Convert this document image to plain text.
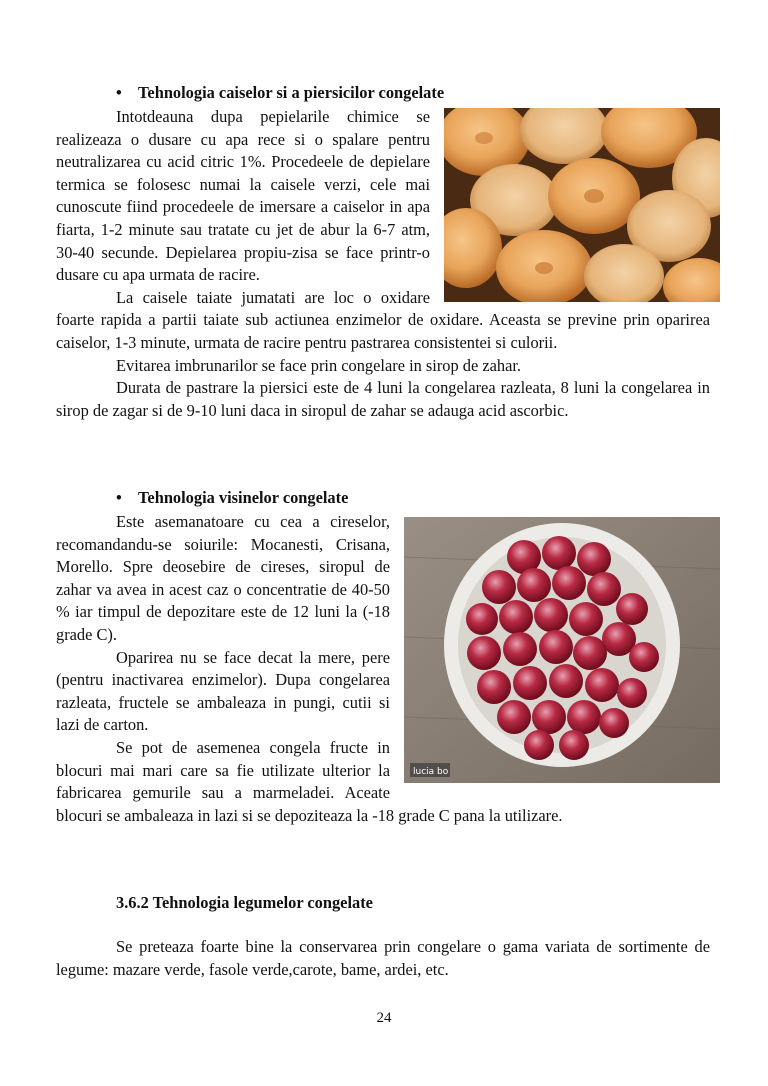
• Tehnologia caiselor si a piersicilor congelate

Intotdeauna dupa pepielarile chimice se realizeaza o dusare cu apa rece si o spalare pentru neutralizarea cu acid citric 1%. Procedeele de depielare termica se folosesc numai la caisele verzi, cele mai cunoscute fiind procedeele de imersare a caiselor in apa fiarta, 1-2 minute sau tratate cu jet de abur la 6-7 atm, 30-40 secunde. Depielarea propiu-zisa se face printr-o dusare cu apa urmata de racire.

La caisele taiate jumatati are loc o oxidare foarte rapida a partii taiate sub actiunea enzimelor de oxidare. Aceasta se previne prin oparirea caiselor, 1-3 minute, urmata de racire pentru pastrarea consistentei si culorii.

Evitarea imbrunarilor se face prin congelare in sirop de zahar.

Durata de pastrare la piersici este de 4 luni la congelarea razleata, 8 luni la congelarea in sirop de zagar si de 9-10 luni daca in siropul de zahar se adauga acid ascorbic.

• Tehnologia visinelor congelate
lucia bo

Este asemanatoare cu cea a cireselor, recomandandu-se soiurile: Mocanesti, Crisana, Morello. Spre deosebire de cireses, siropul de zahar va avea in acest caz o concentratie de 40-50 % iar timpul de depozitare este de 12 luni la (-18 grade C).

Oparirea nu se face decat la mere, pere (pentru inactivarea enzimelor). Dupa congelarea razleata, fructele se ambaleaza in pungi, cutii si lazi de carton.

Se pot de asemenea congela fructe in blocuri mai mari care sa fie utilizate ulterior la fabricarea gemurile sau a marmeladei. Aceate blocuri se ambaleaza in lazi si se depoziteaza la -18 grade C pana la utilizare.

3.6.2 Tehnologia legumelor congelate

Se preteaza foarte bine la conservarea prin congelare o gama variata de sortimente de legume: mazare verde, fasole verde,carote, bame, ardei, etc.

24
